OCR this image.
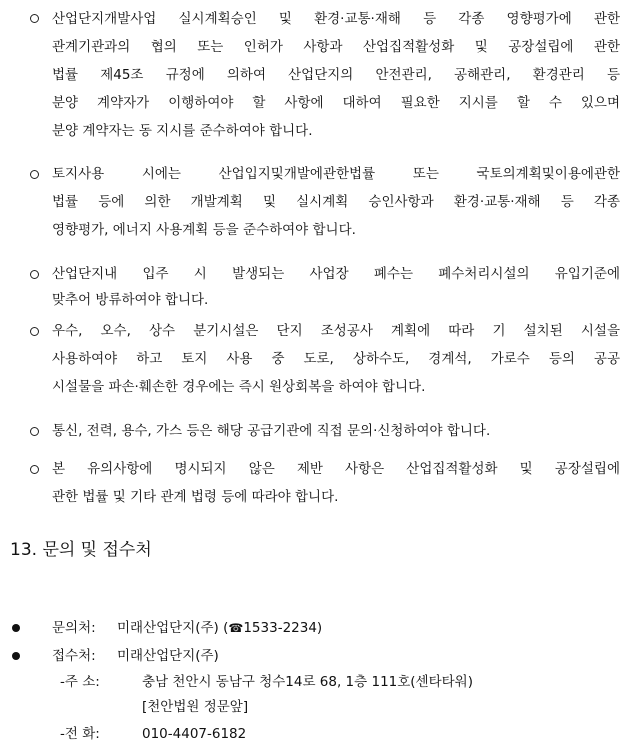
산업단지개발사업 실시계획승인 및 환경·교통·재해 등 각종 영향평가에 관한
관계기관과의 협의 또는 인허가 사항과 산업집적활성화 및 공장설립에 관한
법률 제45조 규정에 의하여 산업단지의 안전관리, 공해관리, 환경관리 등
분양 계약자가 이행하여야 할 사항에 대하여 필요한 지시를 할 수 있으며
분양 계약자는 동 지시를 준수하여야 합니다.
토지사용 시에는 산업입지및개발에관한법률 또는 국토의계획및이용에관한
법률 등에 의한 개발계획 및 실시계획 승인사항과 환경·교통·재해 등 각종
영향평가, 에너지 사용계획 등을 준수하여야 합니다.
산업단지내 입주 시 발생되는 사업장 폐수는 폐수처리시설의 유입기준에
맞추어 방류하여야 합니다.
우수, 오수, 상수 분기시설은 단지 조성공사 계획에 따라 기 설치된 시설을
사용하여야 하고 토지 사용 중 도로, 상하수도, 경계석, 가로수 등의 공공
시설물을 파손·훼손한 경우에는 즉시 원상회복을 하여야 합니다.
통신, 전력, 용수, 가스 등은 해당 공급기관에 직접 문의·신청하여야 합니다.
본 유의사항에 명시되지 않은 제반 사항은 산업집적활성화 및 공장설립에
관한 법률 및 기타 관계 법령 등에 따라야 합니다.
13. 문의 및 접수처
문의처: 미래산업단지(주) (☎1533-2234)
접수처: 미래산업단지(주)
-주 소:	충남 천안시 동남구 청수14로 68, 1층 111호(센타타워)
[천안법원 정문앞]
-전 화:	010-4407-6182
